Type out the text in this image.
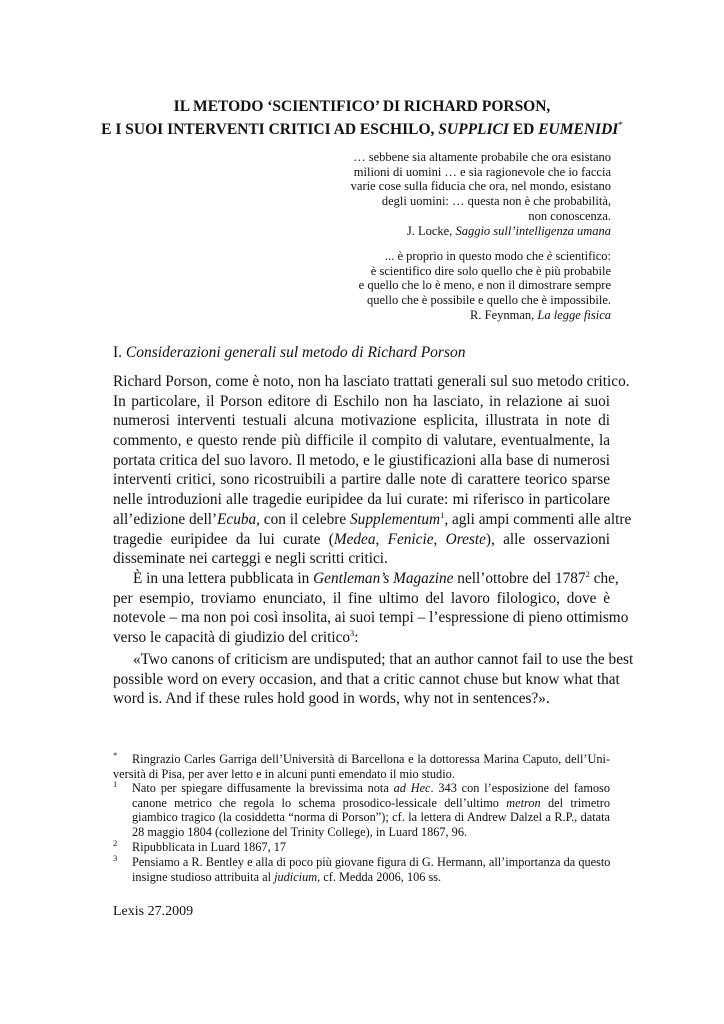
IL METODO ‘SCIENTIFICO’ DI RICHARD PORSON,
E I SUOI INTERVENTI CRITICI AD ESCHILO, SUPPLICI ED EUMENIDI*
… sebbene sia altamente probabile che ora esistano
milioni di uomini … e sia ragionevole che io faccia
varie cose sulla fiducia che ora, nel mondo, esistano
degli uomini: … questa non è che probabilità,
non conoscenza.
J. Locke, Saggio sull’intelligenza umana
... è proprio in questo modo che è scientifico:
è scientifico dire solo quello che è più probabile
e quello che lo è meno, e non il dimostrare sempre
quello che è possibile e quello che è impossibile.
R. Feynman, La legge fisica
I. Considerazioni generali sul metodo di Richard Porson
Richard Porson, come è noto, non ha lasciato trattati generali sul suo metodo critico.
In particolare, il Porson editore di Eschilo non ha lasciato, in relazione ai suoi
numerosi interventi testuali alcuna motivazione esplicita, illustrata in note di
commento, e questo rende più difficile il compito di valutare, eventualmente, la
portata critica del suo lavoro. Il metodo, e le giustificazioni alla base di numerosi
interventi critici, sono ricostruibili a partire dalle note di carattere teorico sparse
nelle introduzioni alle tragedie euripidee da lui curate: mi riferisco in particolare
all’edizione dell’Ecuba, con il celebre Supplementum$^1$, agli ampi commenti alle altre
tragedie euripidee da lui curate (Medea, Fenicie, Oreste), alle osservazioni
disseminate nei carteggi e negli scritti critici.
È in una lettera pubblicata in Gentleman’s Magazine nell’ottobre del 1787$^2$ che,
per esempio, troviamo enunciato, il fine ultimo del lavoro filologico, dove è
notevole – ma non poi così insolita, ai suoi tempi – l’espressione di pieno ottimismo
verso le capacità di giudizio del critico$^3$:
«Two canons of criticism are undisputed; that an author cannot fail to use the best
possible word on every occasion, and that a critic cannot chuse but know what that
word is. And if these rules hold good in words, why not in sentences?».
* Ringrazio Carles Garriga dell’Università di Barcellona e la dottoressa Marina Caputo, dell’Uni-
versità di Pisa, per aver letto e in alcuni punti emendato il mio studio.
1 Nato per spiegare diffusamente la brevissima nota ad Hec. 343 con l’esposizione del famoso
canone metrico che regola lo schema prosodico-lessicale dell’ultimo metron del trimetro
giambico tragico (la cosiddetta “norma di Porson”); cf. la lettera di Andrew Dalzel a R.P., datata
28 maggio 1804 (collezione del Trinity College), in Luard 1867, 96.
2 Ripubblicata in Luard 1867, 17
3 Pensiamo a R. Bentley e alla di poco più giovane figura di G. Hermann, all’importanza da questo
insigne studioso attribuita al judicium, cf. Medda 2006, 106 ss.
Lexis 27.2009
